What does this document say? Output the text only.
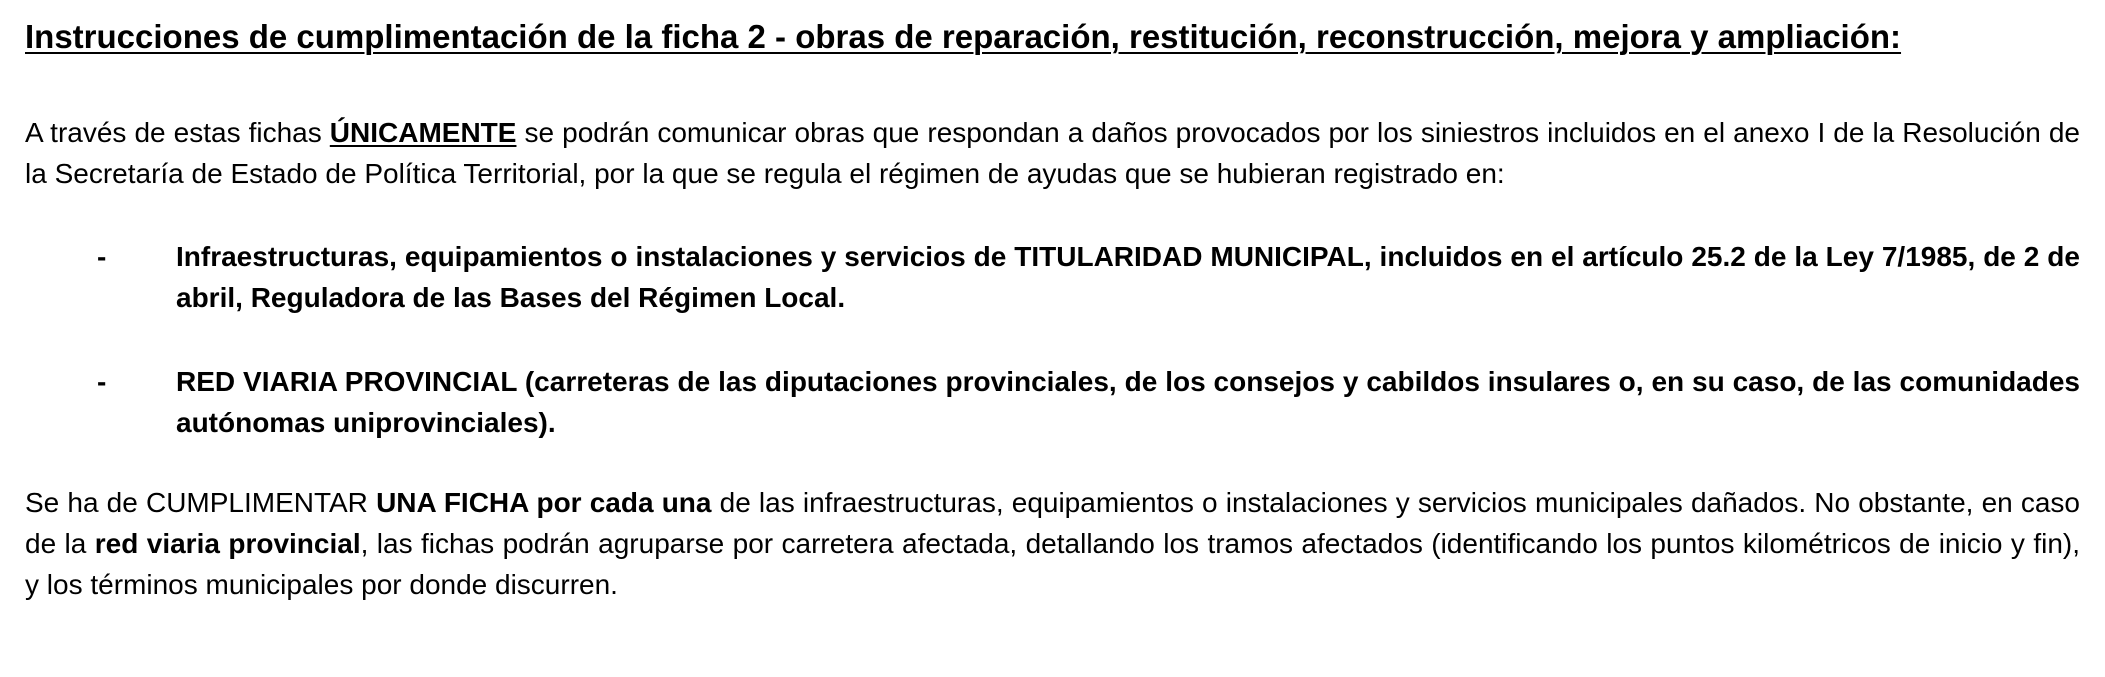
Instrucciones de cumplimentación de la ficha 2 - obras de reparación, restitución, reconstrucción, mejora y ampliación:

A través de estas fichas ÚNICAMENTE se podrán comunicar obras que respondan a daños provocados por los siniestros incluidos en el anexo I de la Resolución de la Secretaría de Estado de Política Territorial, por la que se regula el régimen de ayudas que se hubieran registrado en:

- Infraestructuras, equipamientos o instalaciones y servicios de TITULARIDAD MUNICIPAL, incluidos en el artículo 25.2 de la Ley 7/1985, de 2 de abril, Reguladora de las Bases del Régimen Local.
- RED VIARIA PROVINCIAL (carreteras de las diputaciones provinciales, de los consejos y cabildos insulares o, en su caso, de las comunidades autónomas uniprovinciales).

Se ha de CUMPLIMENTAR UNA FICHA por cada una de las infraestructuras, equipamientos o instalaciones y servicios municipales dañados. No obstante, en caso de la red viaria provincial, las fichas podrán agruparse por carretera afectada, detallando los tramos afectados (identificando los puntos kilométricos de inicio y fin), y los términos municipales por donde discurren.
